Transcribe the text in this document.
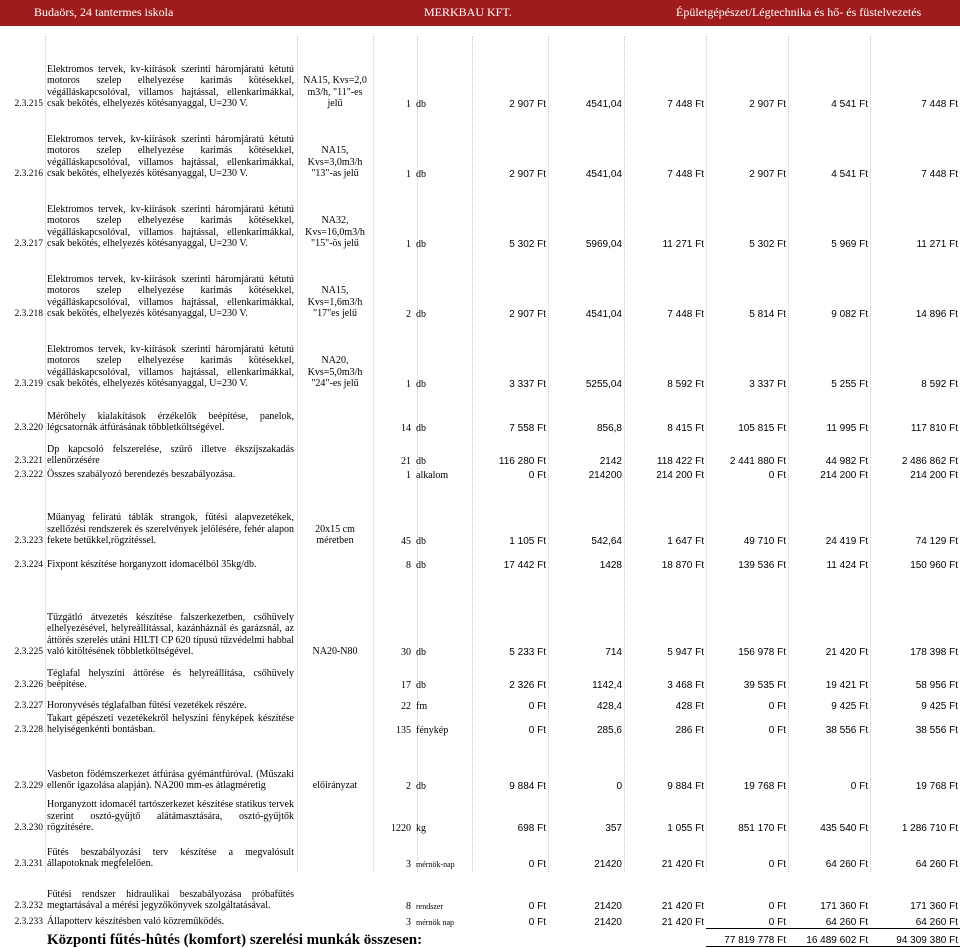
Budaörs, 24 tantermes iskola	MERKBAU KFT.	Épületgépészet/Légtechnika és hő- és füstelvezetés
2.3.215	Elektromos tervek, kv-kiírások szerinti háromjáratú kétutú motoros szelep elhelyezése karimás kötésekkel, végálláskapcsolóval, villamos hajtással, ellenkarimákkal, csak bekötés, elhelyezés kötésanyaggal, U=230 V.	NA15, Kvs=2,0 m3/h, "11"-es jelű	1	db	2 907 Ft	4541,04	7 448 Ft	2 907 Ft	4 541 Ft	7 448 Ft
2.3.216	Elektromos tervek, kv-kiírások szerinti háromjáratú kétutú motoros szelep elhelyezése karimás kötésekkel, végálláskapcsolóval, villamos hajtással, ellenkarimákkal, csak bekötés, elhelyezés kötésanyaggal, U=230 V.	NA15, Kvs=3,0m3/h "13"-as jelű	1	db	2 907 Ft	4541,04	7 448 Ft	2 907 Ft	4 541 Ft	7 448 Ft
2.3.217	Elektromos tervek, kv-kiírások szerinti háromjáratú kétutú motoros szelep elhelyezése karimás kötésekkel, végálláskapcsolóval, villamos hajtással, ellenkarimákkal, csak bekötés, elhelyezés kötésanyaggal, U=230 V.	NA32, Kvs=16,0m3/h "15"-ös jelű	1	db	5 302 Ft	5969,04	11 271 Ft	5 302 Ft	5 969 Ft	11 271 Ft
2.3.218	Elektromos tervek, kv-kiírások szerinti háromjáratú kétutú motoros szelep elhelyezése karimás kötésekkel, végálláskapcsolóval, villamos hajtással, ellenkarimákkal, csak bekötés, elhelyezés kötésanyaggal, U=230 V.	NA15, Kvs=1,6m3/h "17"es jelű	2	db	2 907 Ft	4541,04	7 448 Ft	5 814 Ft	9 082 Ft	14 896 Ft
2.3.219	Elektromos tervek, kv-kiírások szerinti háromjáratú kétutú motoros szelep elhelyezése karimás kötésekkel, végálláskapcsolóval, villamos hajtással, ellenkarimákkal, csak bekötés, elhelyezés kötésanyaggal, U=230 V.	NA20, Kvs=5,0m3/h "24"-es jelű	1	db	3 337 Ft	5255,04	8 592 Ft	3 337 Ft	5 255 Ft	8 592 Ft
2.3.220	Mérőhely kialakítások érzékelők beépítése, panelok, légcsatornák átfúrásának többletköltségével.		14	db	7 558 Ft	856,8	8 415 Ft	105 815 Ft	11 995 Ft	117 810 Ft
2.3.221	Dp kapcsoló felszerelése, szűrő illetve ékszíjszakadás ellenőrzésére		21	db	116 280 Ft	2142	118 422 Ft	2 441 880 Ft	44 982 Ft	2 486 862 Ft
2.3.222	Összes szabályozó berendezés beszabályozása.		1	alkalom	0 Ft	214200	214 200 Ft	0 Ft	214 200 Ft	214 200 Ft
2.3.223	Műanyag feliratú táblák strangok, fűtési alapvezetékek, szellőzési rendszerek és szerelvények jelölésére, fehér alapon fekete betűkkel,rögzítéssel.	20x15 cm méretben	45	db	1 105 Ft	542,64	1 647 Ft	49 710 Ft	24 419 Ft	74 129 Ft
2.3.224	Fixpont készítése horganyzott idomacélból 35kg/db.		8	db	17 442 Ft	1428	18 870 Ft	139 536 Ft	11 424 Ft	150 960 Ft
2.3.225	Tűzgátló átvezetés készítése falszerkezetben, csőhüvely elhelyezésével, helyreállítással, kazánháznál és garázsnál, az áttörés szerelés utáni HILTI CP 620 típusú tűzvédelmi habbal való kitöltésének többletköltségével.	NA20-N80	30	db	5 233 Ft	714	5 947 Ft	156 978 Ft	21 420 Ft	178 398 Ft
2.3.226	Téglafal helyszíni áttörése és helyreállítása, csőhüvely beépítése.		17	db	2 326 Ft	1142,4	3 468 Ft	39 535 Ft	19 421 Ft	58 956 Ft
2.3.227	Horonyvésés téglafalban fűtési vezetékek részére.		22	fm	0 Ft	428,4	428 Ft	0 Ft	9 425 Ft	9 425 Ft
2.3.228	Takart gépészeti vezetékekről helyszíni fényképek készítése helyiségenkénti bontásban.		135	fénykép	0 Ft	285,6	286 Ft	0 Ft	38 556 Ft	38 556 Ft
2.3.229	Vasbeton födémszerkezet átfúrása gyémántfúróval. (Műszaki ellenőr igazolása alapján). NA200 mm-es átlagméretig	előirányzat	2	db	9 884 Ft	0	9 884 Ft	19 768 Ft	0 Ft	19 768 Ft
2.3.230	Horganyzott idomacél tartószerkezet készítése statikus tervek szerint osztó-gyűjtő alátámasztására, osztó-gyűjtők rögzítésére.		1220	kg	698 Ft	357	1 055 Ft	851 170 Ft	435 540 Ft	1 286 710 Ft
2.3.231	Fűtés beszabályozási terv készítése a megvalósult állapotoknak megfelelően.		3	mérnök-nap	0 Ft	21420	21 420 Ft	0 Ft	64 260 Ft	64 260 Ft
2.3.232	Fűtési rendszer hidraulikai beszabályozása próbafűtés megtartásával a mérési jegyzőkönyvek szolgáltatásával.		8	rendszer	0 Ft	21420	21 420 Ft	0 Ft	171 360 Ft	171 360 Ft
2.3.233	Állapotterv készítésben való közreműködés.		3	mérnök nap	0 Ft	21420	21 420 Ft	0 Ft	64 260 Ft	64 260 Ft
	Központi fűtés-hûtés (komfort) szerelési munkák összesen:							77 819 778 Ft	16 489 602 Ft	94 309 380 Ft
